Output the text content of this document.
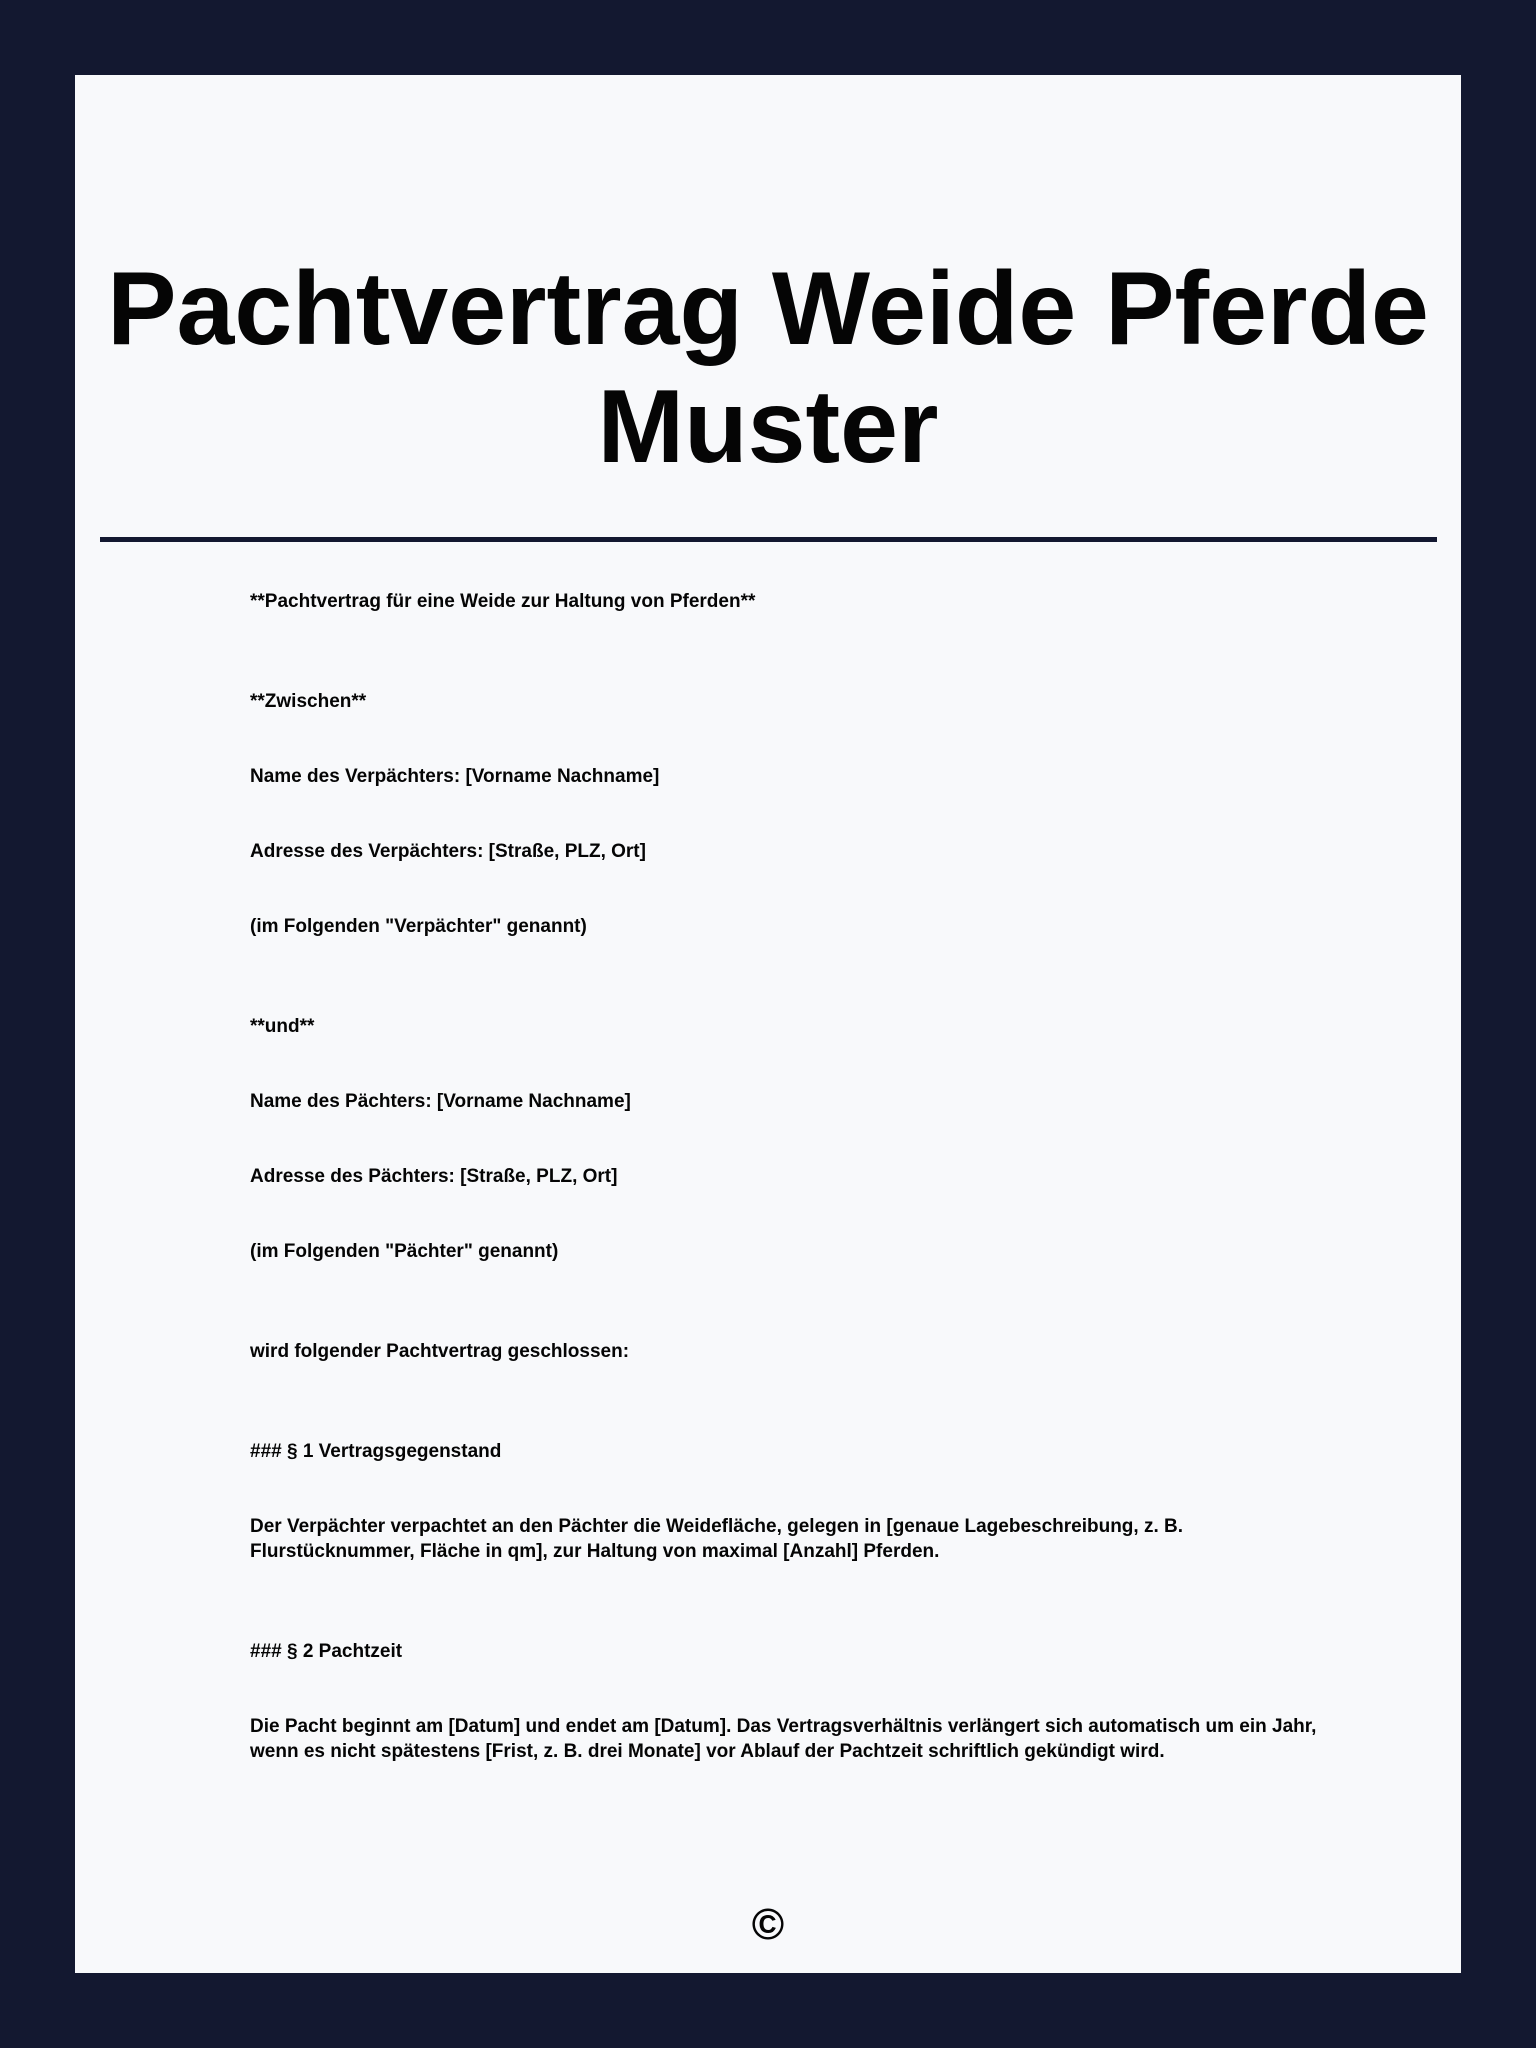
Pachtvertrag Weide Pferde Muster

**Pachtvertrag für eine Weide zur Haltung von Pferden**

**Zwischen**

Name des Verpächters: [Vorname Nachname]

Adresse des Verpächters: [Straße, PLZ, Ort]

(im Folgenden "Verpächter" genannt)

**und**

Name des Pächters: [Vorname Nachname]

Adresse des Pächters: [Straße, PLZ, Ort]

(im Folgenden "Pächter" genannt)

wird folgender Pachtvertrag geschlossen:

### § 1 Vertragsgegenstand

Der Verpächter verpachtet an den Pächter die Weidefläche, gelegen in [genaue Lagebeschreibung, z. B. Flurstücknummer, Fläche in qm], zur Haltung von maximal [Anzahl] Pferden.

### § 2 Pachtzeit

Die Pacht beginnt am [Datum] und endet am [Datum]. Das Vertragsverhältnis verlängert sich automatisch um ein Jahr, wenn es nicht spätestens [Frist, z. B. drei Monate] vor Ablauf der Pachtzeit schriftlich gekündigt wird.

©
